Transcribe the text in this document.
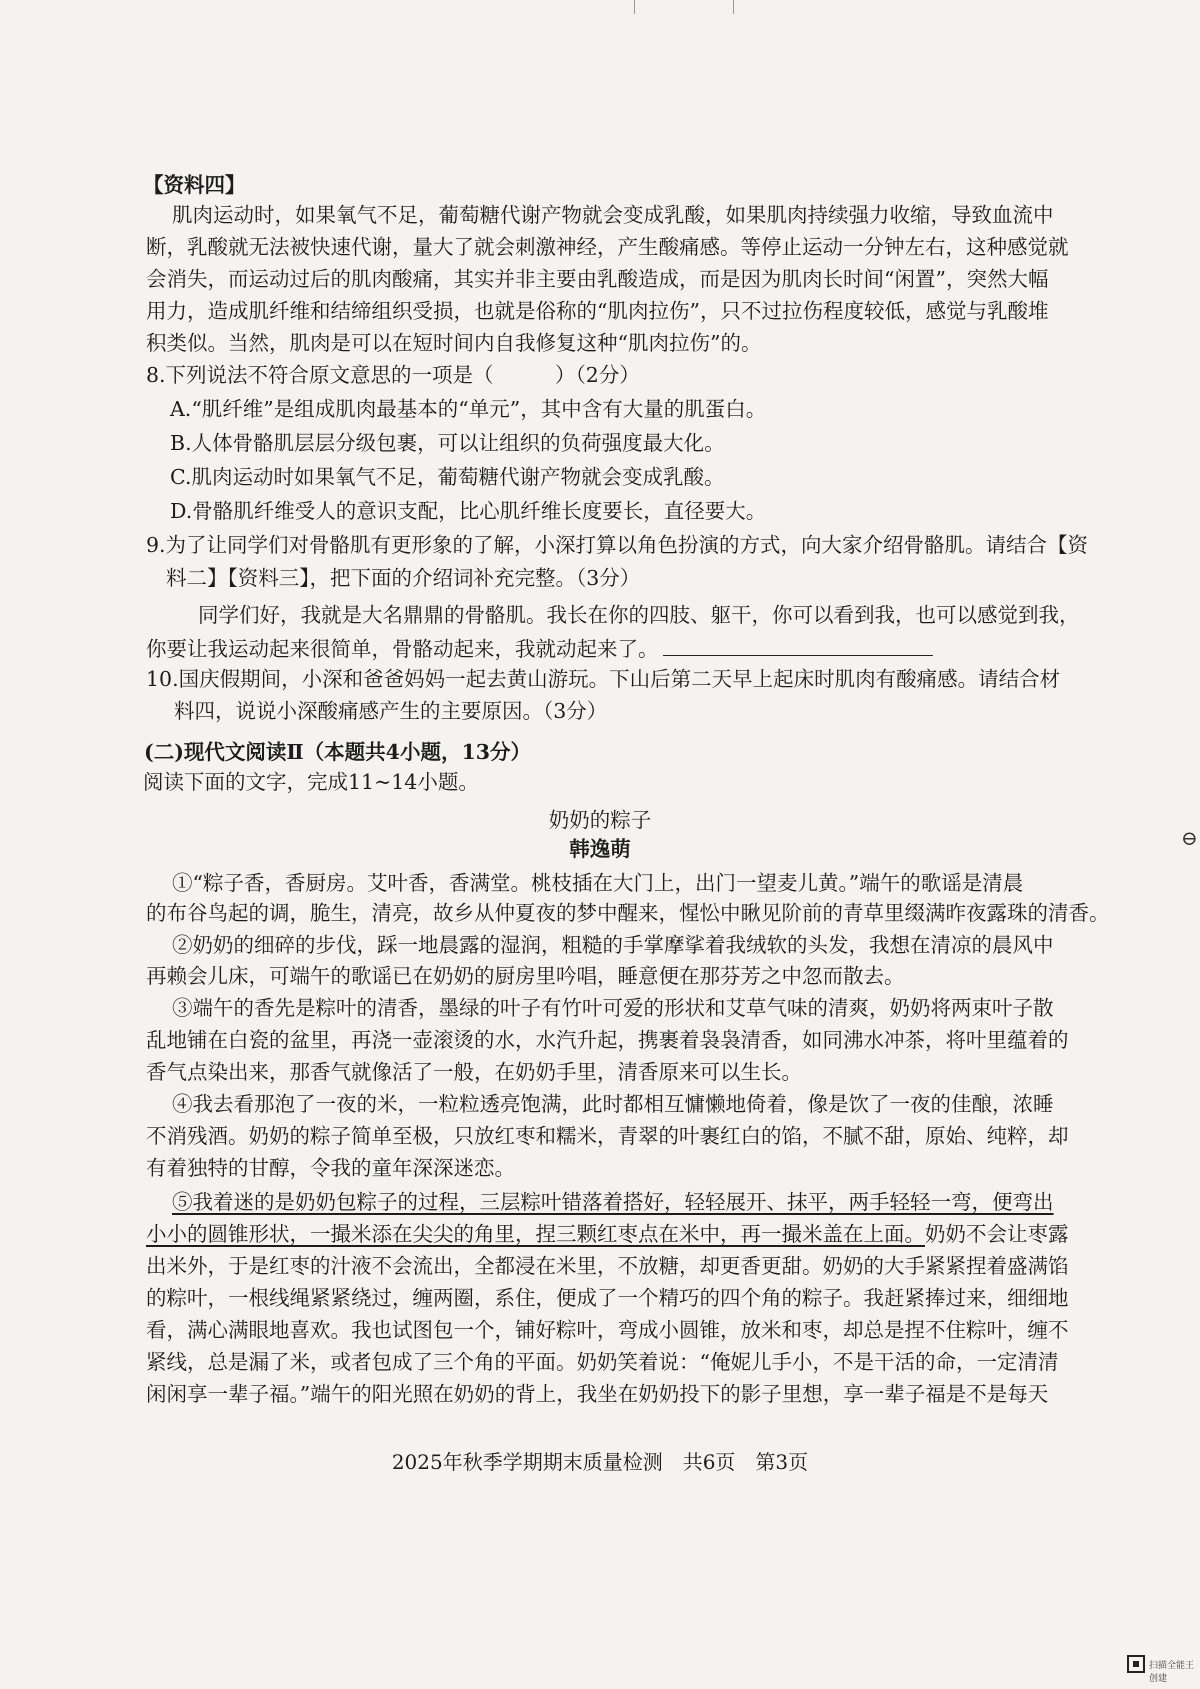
【资料四】
肌肉运动时，如果氧气不足，葡萄糖代谢产物就会变成乳酸，如果肌肉持续强力收缩，导致血流中
断，乳酸就无法被快速代谢，量大了就会刺激神经，产生酸痛感。等停止运动一分钟左右，这种感觉就
会消失，而运动过后的肌肉酸痛，其实并非主要由乳酸造成，而是因为肌肉长时间“闲置”，突然大幅
用力，造成肌纤维和结缔组织受损，也就是俗称的“肌肉拉伤”，只不过拉伤程度较低，感觉与乳酸堆
积类似。当然，肌肉是可以在短时间内自我修复这种“肌肉拉伤”的。
8.下列说法不符合原文意思的一项是（　　　）（2分）
A.“肌纤维”是组成肌肉最基本的“单元”，其中含有大量的肌蛋白。
B.人体骨骼肌层层分级包裹，可以让组织的负荷强度最大化。
C.肌肉运动时如果氧气不足，葡萄糖代谢产物就会变成乳酸。
D.骨骼肌纤维受人的意识支配，比心肌纤维长度要长，直径要大。
9.为了让同学们对骨骼肌有更形象的了解，小深打算以角色扮演的方式，向大家介绍骨骼肌。请结合【资
料二】【资料三】，把下面的介绍词补充完整。（3分）
同学们好，我就是大名鼎鼎的骨骼肌。我长在你的四肢、躯干，你可以看到我，也可以感觉到我，
你要让我运动起来很简单，骨骼动起来，我就动起来了。
10.国庆假期间，小深和爸爸妈妈一起去黄山游玩。下山后第二天早上起床时肌肉有酸痛感。请结合材
料四，说说小深酸痛感产生的主要原因。（3分）
(二)现代文阅读Ⅱ（本题共4小题，13分）
阅读下面的文字，完成11~14小题。
奶奶的粽子
韩逸萌
①“粽子香，香厨房。艾叶香，香满堂。桃枝插在大门上，出门一望麦儿黄。”端午的歌谣是清晨
的布谷鸟起的调，脆生，清亮，故乡从仲夏夜的梦中醒来，惺忪中瞅见阶前的青草里缀满昨夜露珠的清香。
②奶奶的细碎的步伐，踩一地晨露的湿润，粗糙的手掌摩挲着我绒软的头发，我想在清凉的晨风中
再赖会儿床，可端午的歌谣已在奶奶的厨房里吟唱，睡意便在那芬芳之中忽而散去。
③端午的香先是粽叶的清香，墨绿的叶子有竹叶可爱的形状和艾草气味的清爽，奶奶将两束叶子散
乱地铺在白瓷的盆里，再浇一壶滚烫的水，水汽升起，携裹着袅袅清香，如同沸水冲茶，将叶里蕴着的
香气点染出来，那香气就像活了一般，在奶奶手里，清香原来可以生长。
④我去看那泡了一夜的米，一粒粒透亮饱满，此时都相互慵懒地倚着，像是饮了一夜的佳酿，浓睡
不消残酒。奶奶的粽子简单至极，只放红枣和糯米，青翠的叶裹红白的馅，不腻不甜，原始、纯粹，却
有着独特的甘醇，令我的童年深深迷恋。
⑤我着迷的是奶奶包粽子的过程，三层粽叶错落着搭好，轻轻展开、抹平，两手轻轻一弯，便弯出
小小的圆锥形状，一撮米添在尖尖的角里，捏三颗红枣点在米中，再一撮米盖在上面。奶奶不会让枣露
出米外，于是红枣的汁液不会流出，全都浸在米里，不放糖，却更香更甜。奶奶的大手紧紧捏着盛满馅
的粽叶，一根线绳紧紧绕过，缠两圈，系住，便成了一个精巧的四个角的粽子。我赶紧捧过来，细细地
看，满心满眼地喜欢。我也试图包一个，铺好粽叶，弯成小圆锥，放米和枣，却总是捏不住粽叶，缠不
紧线，总是漏了米，或者包成了三个角的平面。奶奶笑着说：“俺妮儿手小，不是干活的命，一定清清
闲闲享一辈子福。”端午的阳光照在奶奶的背上，我坐在奶奶投下的影子里想，享一辈子福是不是每天
2025年秋季学期期末质量检测　共6页　第3页
⊖
扫描全能王 创建
